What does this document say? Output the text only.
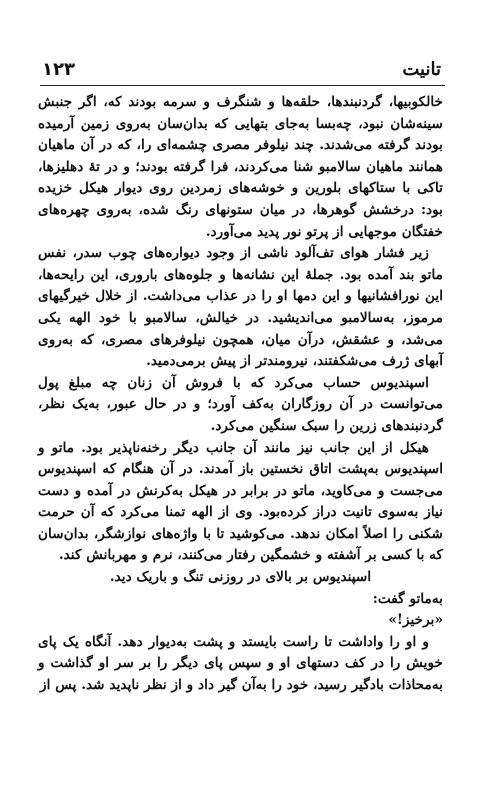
تانیت
۱۲۳

خالکوبیها، گردنبندها، حلقه‌ها و شنگرف و سرمه بودند که، اگر جنبش سینه‌شان نبود، چه‌بسا به‌جای بتهایی که بدان‌سان به‌روی زمین آرمیده بودند گرفته می‌شدند. چند نیلوفر مصری چشمه‌ای را، که در آن ماهیان همانند ماهیان سالامبو شنا می‌کردند، فرا گرفته بودند؛ و در تهٔ دهلیزها، تاکی با ستاکهای بلورین و خوشه‌های زمردین روی دیوار هیکل خزیده بود: درخشش گوهرها، در میان ستونهای رنگ شده، به‌روی چهره‌های خفتگان موجهایی از پرتو نور پدید می‌آورد.

زیر فشار هوای تف‌آلود ناشی از وجود دیواره‌های چوب سدر، نفس ماتو بند آمده بود. جملهٔ این نشانه‌ها و جلوه‌های باروری، این رایحه‌ها، این نورافشانیها و این دمها او را در عذاب می‌داشت. از خلال خیرگیهای مرموز، به‌سالامبو می‌اندیشید. در خیالش، سالامبو با خود الهه یکی می‌شد، و عشقش، درآن میان، همچون نیلوفرهای مصری، که به‌روی آبهای ژرف می‌شکفتند، نیرومندتر از پیش برمی‌دمید.

اسپندیوس حساب می‌کرد که با فروش آن زنان چه مبلغ پول می‌توانست در آن روزگاران به‌کف آورد؛ و در حال عبور، به‌یک نظر، گردنبندهای زرین را سبک سنگین می‌کرد.

هیکل از این جانب نیز مانند آن جانب دیگر رخنه‌ناپذیر بود. ماتو و اسپندیوس به‌پشت اتاق نخستین باز آمدند. در آن هنگام که اسپندیوس می‌جست و می‌کاوید، ماتو در برابر در هیکل به‌کرنش در آمده و دست نیاز به‌سوی تانیت دراز کرده‌بود. وی از الهه تمنا می‌کرد که آن حرمت شکنی را اصلاً امکان ندهد. می‌کوشید تا با واژه‌های نوازشگر، بدان‌سان که با کسی بر آشفته و خشمگین رفتار می‌کنند، نرم و مهربانش کند.

اسپندیوس بر بالای در روزنی تنگ و باریک دید.

به‌ماتو گفت:

«برخیز!»

و او را واداشت تا راست بایستد و پشت به‌دیوار دهد. آنگاه یک پای خویش را در کف دستهای او و سپس پای دیگر را بر سر او گذاشت و به‌محاذات بادگیر رسید، خود را به‌آن گیر داد و از نظر ناپدید شد. پس از
